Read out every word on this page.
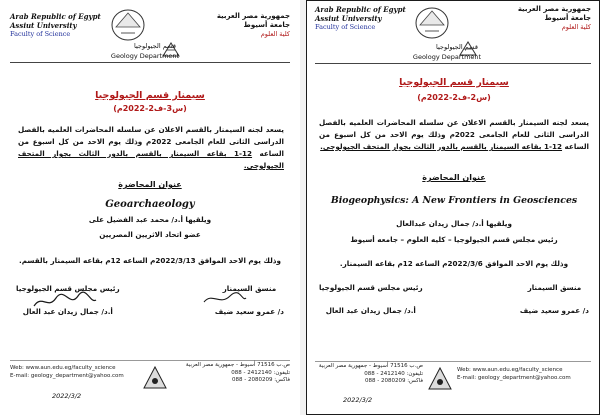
Arab Republic of Egypt
Assiut University
Faculty of Science
جمهورية مصر العربية
جامعة أسيوط
كلية العلوم
قسم الجيولوجيا
Geology Department
سيمنار قسم الجيولوجيا
(س3-ف2-2022م)
يسعد لجنه السيمنار بالقسم الاعلان عن سلسله المحاضرات العلميه بالفصل الدراسى الثانى للعام الجامعى 2022م وذلك يوم الاحد من كل اسبوع من الساعه 12-1 بقاعه السيمنار بالقسم بالدور الثالث بجوار المتحف الجيولوجى.
عنوان المحاضرة
Geoarchaeology
ويلقيها أ.د/ محمد عبد الفضيل على
عضو اتحاد الاثريين المصريين
وذلك يوم الاحد الموافق 2022/3/13م الساعه 12م بقاعه السيمنار بالقسم.
منسق السيمنار
د/ عمرو سعيد ضيف
رئيس مجلس قسم الجيولوجيا
أ.د/ جمال زيدان عبد العال
Web: www.aun.edu.eg/faculty_science
E-mail: geology_department@yahoo.com
ص.ب 71516 أسيوط - جمهورية مصر العربية
تليفون: 2412140 - 088
فاكس: 2080209 - 088
2022/3/2
Arab Republic of Egypt
Assiut University
Faculty of Science
جمهورية مصر العربية
جامعة أسيوط
كلية العلوم
قسم الجيولوجيا
Geology Department
سيمنار قسم الجيولوجيا
(س2-ف2-2022م)
يسعد لجنه السيمنار بالقسم الاعلان عن سلسله المحاضرات العلميه بالفصل الدراسى الثانى للعام الجامعى 2022م وذلك يوم الاحد من كل اسبوع من الساعه 12-1 بقاعه السيمنار بالقسم بالدور الثالث بجوار المتحف الجيولوجى.
عنوان المحاضرة
Biogeophysics: A New Frontiers in Geosciences
ويلقيها أ.د/ جمال زيدان عبدالعال
رئيس مجلس قسم الجيولوجيا – كليه العلوم – جامعه أسيوط
وذلك يوم الاحد الموافق 2022/3/6م الساعه 12م بقاعه السيمنار.
منسق السيمنار
د/ عمرو سعيد ضيف
رئيس مجلس قسم الجيولوجيا
أ.د/ جمال زيدان عبد العال
Web: www.aun.edu.eg/faculty_science
E-mail: geology_department@yahoo.com
ص.ب 71516 أسيوط - جمهورية مصر العربية
تليفون: 2412140 - 088
فاكس: 2080209 - 088
2022/3/2
